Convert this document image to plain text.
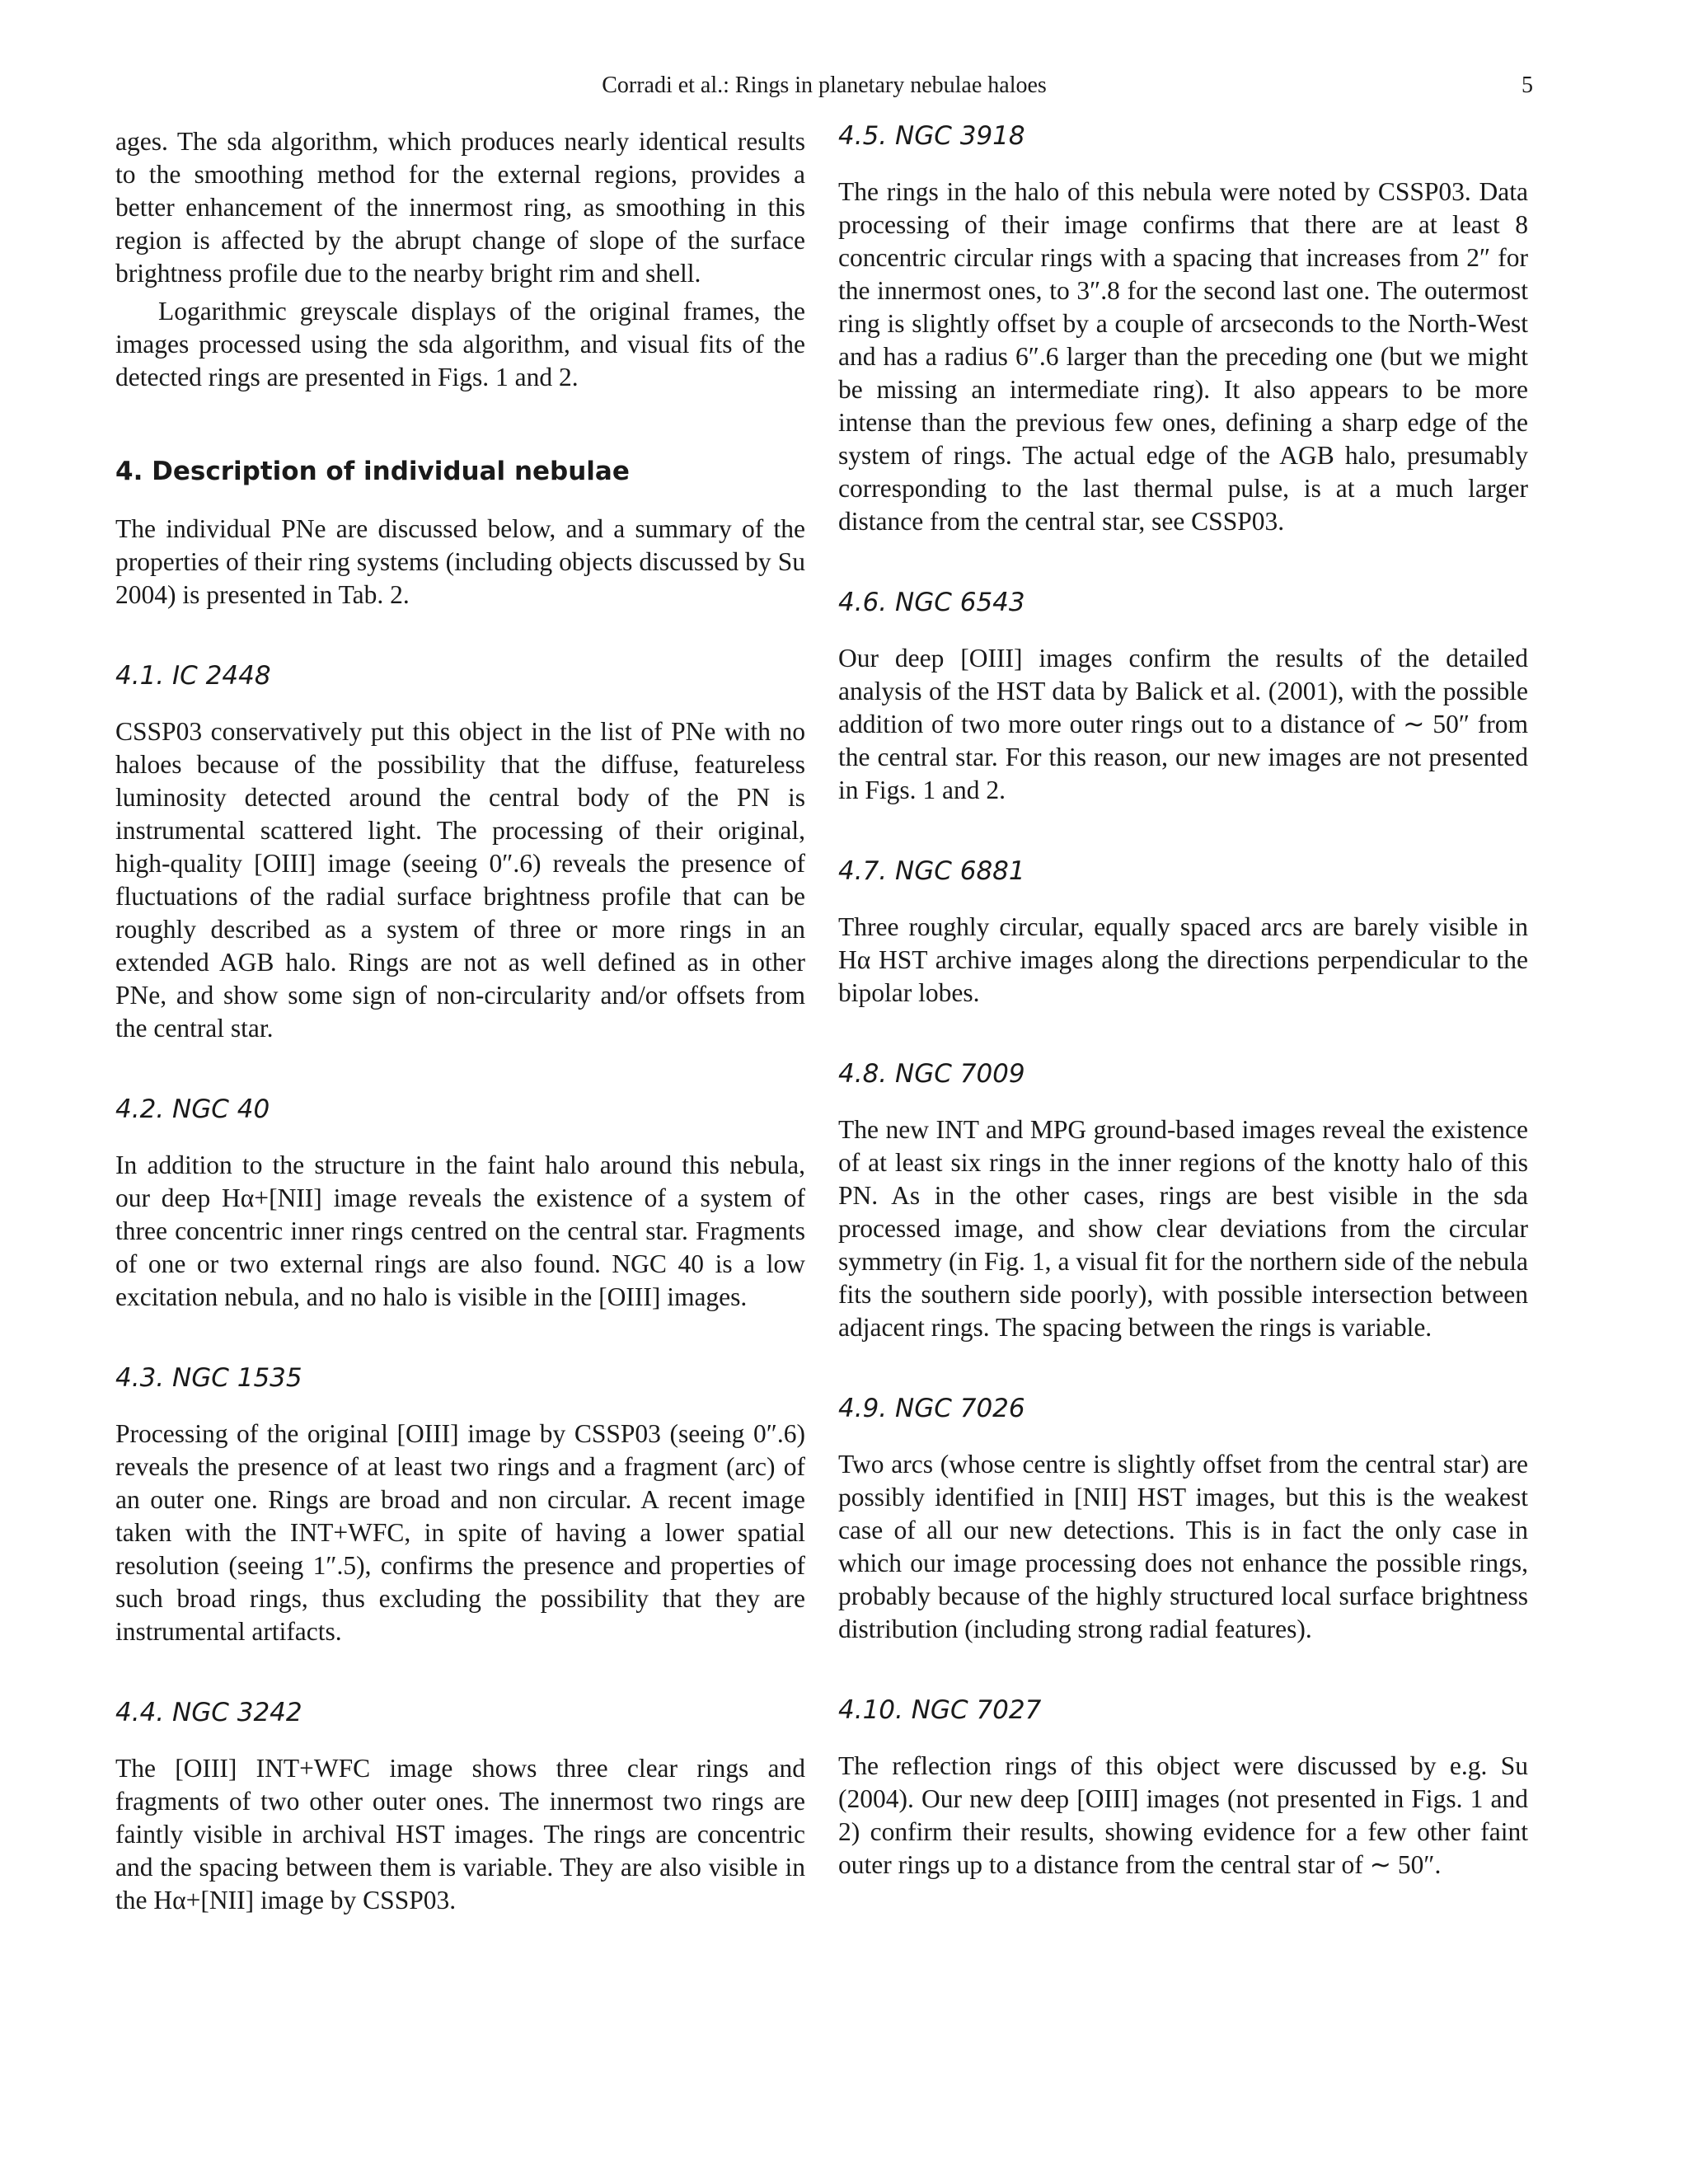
Corradi et al.: Rings in planetary nebulae haloes	5

ages. The sda algorithm, which produces nearly identical results to the smoothing method for the external regions, provides a better enhancement of the innermost ring, as smoothing in this region is affected by the abrupt change of slope of the surface brightness profile due to the nearby bright rim and shell.

Logarithmic greyscale displays of the original frames, the images processed using the sda algorithm, and visual fits of the detected rings are presented in Figs. 1 and 2.

4. Description of individual nebulae

The individual PNe are discussed below, and a summary of the properties of their ring systems (including objects discussed by Su 2004) is presented in Tab. 2.

4.1. IC 2448

CSSP03 conservatively put this object in the list of PNe with no haloes because of the possibility that the diffuse, featureless luminosity detected around the central body of the PN is instrumental scattered light. The processing of their original, high-quality [OIII] image (seeing 0″.6) reveals the presence of fluctuations of the radial surface brightness profile that can be roughly described as a system of three or more rings in an extended AGB halo. Rings are not as well defined as in other PNe, and show some sign of non-circularity and/or offsets from the central star.

4.2. NGC 40

In addition to the structure in the faint halo around this nebula, our deep Hα+[NII] image reveals the existence of a system of three concentric inner rings centred on the central star. Fragments of one or two external rings are also found. NGC 40 is a low excitation nebula, and no halo is visible in the [OIII] images.

4.3. NGC 1535

Processing of the original [OIII] image by CSSP03 (seeing 0″.6) reveals the presence of at least two rings and a fragment (arc) of an outer one. Rings are broad and non circular. A recent image taken with the INT+WFC, in spite of having a lower spatial resolution (seeing 1″.5), confirms the presence and properties of such broad rings, thus excluding the possibility that they are instrumental artifacts.

4.4. NGC 3242

The [OIII] INT+WFC image shows three clear rings and fragments of two other outer ones. The innermost two rings are faintly visible in archival HST images. The rings are concentric and the spacing between them is variable. They are also visible in the Hα+[NII] image by CSSP03.

4.5. NGC 3918

The rings in the halo of this nebula were noted by CSSP03. Data processing of their image confirms that there are at least 8 concentric circular rings with a spacing that increases from 2″ for the innermost ones, to 3″.8 for the second last one. The outermost ring is slightly offset by a couple of arcseconds to the North-West and has a radius 6″.6 larger than the preceding one (but we might be missing an intermediate ring). It also appears to be more intense than the previous few ones, defining a sharp edge of the system of rings. The actual edge of the AGB halo, presumably corresponding to the last thermal pulse, is at a much larger distance from the central star, see CSSP03.

4.6. NGC 6543

Our deep [OIII] images confirm the results of the detailed analysis of the HST data by Balick et al. (2001), with the possible addition of two more outer rings out to a distance of ∼ 50″ from the central star. For this reason, our new images are not presented in Figs. 1 and 2.

4.7. NGC 6881

Three roughly circular, equally spaced arcs are barely visible in Hα HST archive images along the directions perpendicular to the bipolar lobes.

4.8. NGC 7009

The new INT and MPG ground-based images reveal the existence of at least six rings in the inner regions of the knotty halo of this PN. As in the other cases, rings are best visible in the sda processed image, and show clear deviations from the circular symmetry (in Fig. 1, a visual fit for the northern side of the nebula fits the southern side poorly), with possible intersection between adjacent rings. The spacing between the rings is variable.

4.9. NGC 7026

Two arcs (whose centre is slightly offset from the central star) are possibly identified in [NII] HST images, but this is the weakest case of all our new detections. This is in fact the only case in which our image processing does not enhance the possible rings, probably because of the highly structured local surface brightness distribution (including strong radial features).

4.10. NGC 7027

The reflection rings of this object were discussed by e.g. Su (2004). Our new deep [OIII] images (not presented in Figs. 1 and 2) confirm their results, showing evidence for a few other faint outer rings up to a distance from the central star of ∼ 50″.
